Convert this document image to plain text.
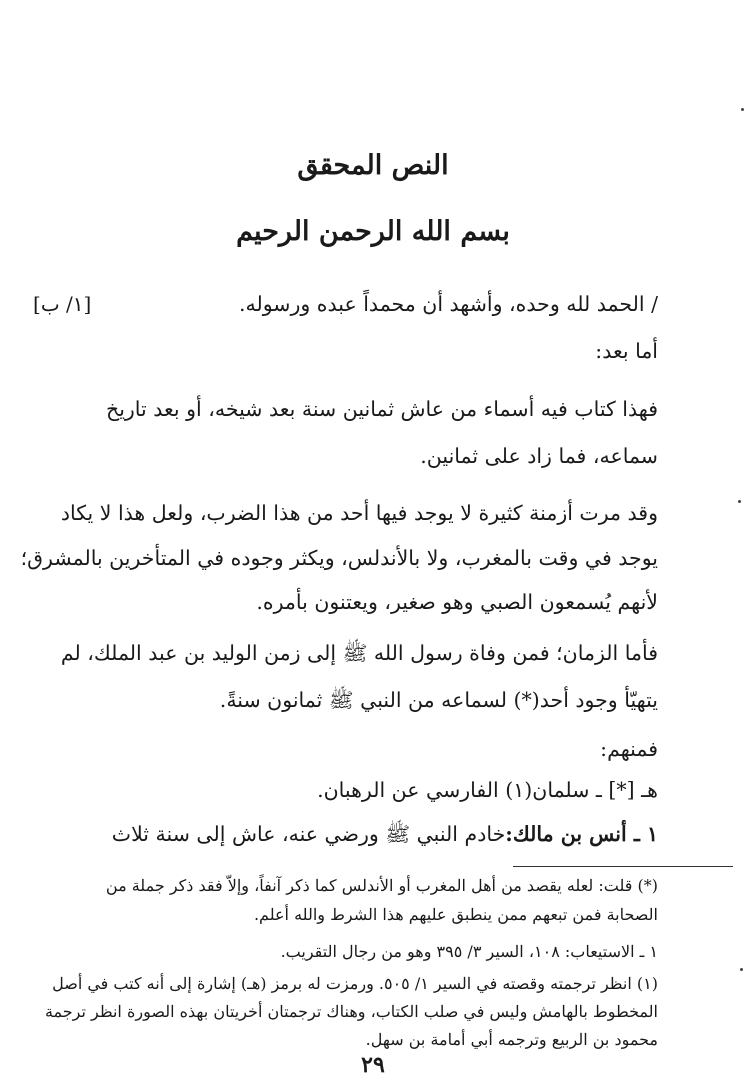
النص المحقق
بسم الله الرحمن الرحيم
[١/ ب]	/ الحمد لله وحده، وأشهد أن محمداً عبده ورسوله.
أما بعد:
فهذا كتاب فيه أسماء من عاش ثمانين سنة بعد شيخه، أو بعد تاريخ
سماعه، فما زاد على ثمانين.
وقد مرت أزمنة كثيرة لا يوجد فيها أحد من هذا الضرب، ولعل هذا لا يكاد
يوجد في وقت بالمغرب، ولا بالأندلس، ويكثر وجوده في المتأخرين بالمشرق؛
لأنهم يُسمعون الصبي وهو صغير، ويعتنون بأمره.
فأما الزمان؛ فمن وفاة رسول الله ﷺ إلى زمن الوليد بن عبد الملك، لم
يتهيّأ وجود أحد(*) لسماعه من النبي ﷺ ثمانون سنةً.
فمنهم:
هـ [*] ـ سلمان(١) الفارسي عن الرهبان.
١ ـ أنس بن مالك:
خادم النبي ﷺ ورضي عنه، عاش إلى سنة ثلاث
(*) قلت: لعله يقصد من أهل المغرب أو الأندلس كما ذكر آنفاً، وإلاّ فقد ذكر جملة من
الصحابة فمن تبعهم ممن ينطبق عليهم هذا الشرط والله أعلم.
١ ـ الاستيعاب: ١٠٨، السير ٣/ ٣٩٥ وهو من رجال التقريب.
(١) انظر ترجمته وقصته في السير ١/ ٥٠٥. ورمزت له برمز (هـ) إشارة إلى أنه كتب في أصل
المخطوط بالهامش وليس في صلب الكتاب، وهناك ترجمتان أخريتان بهذه الصورة انظر ترجمة
محمود بن الربيع وترجمه أبي أمامة بن سهل.
٢٩
